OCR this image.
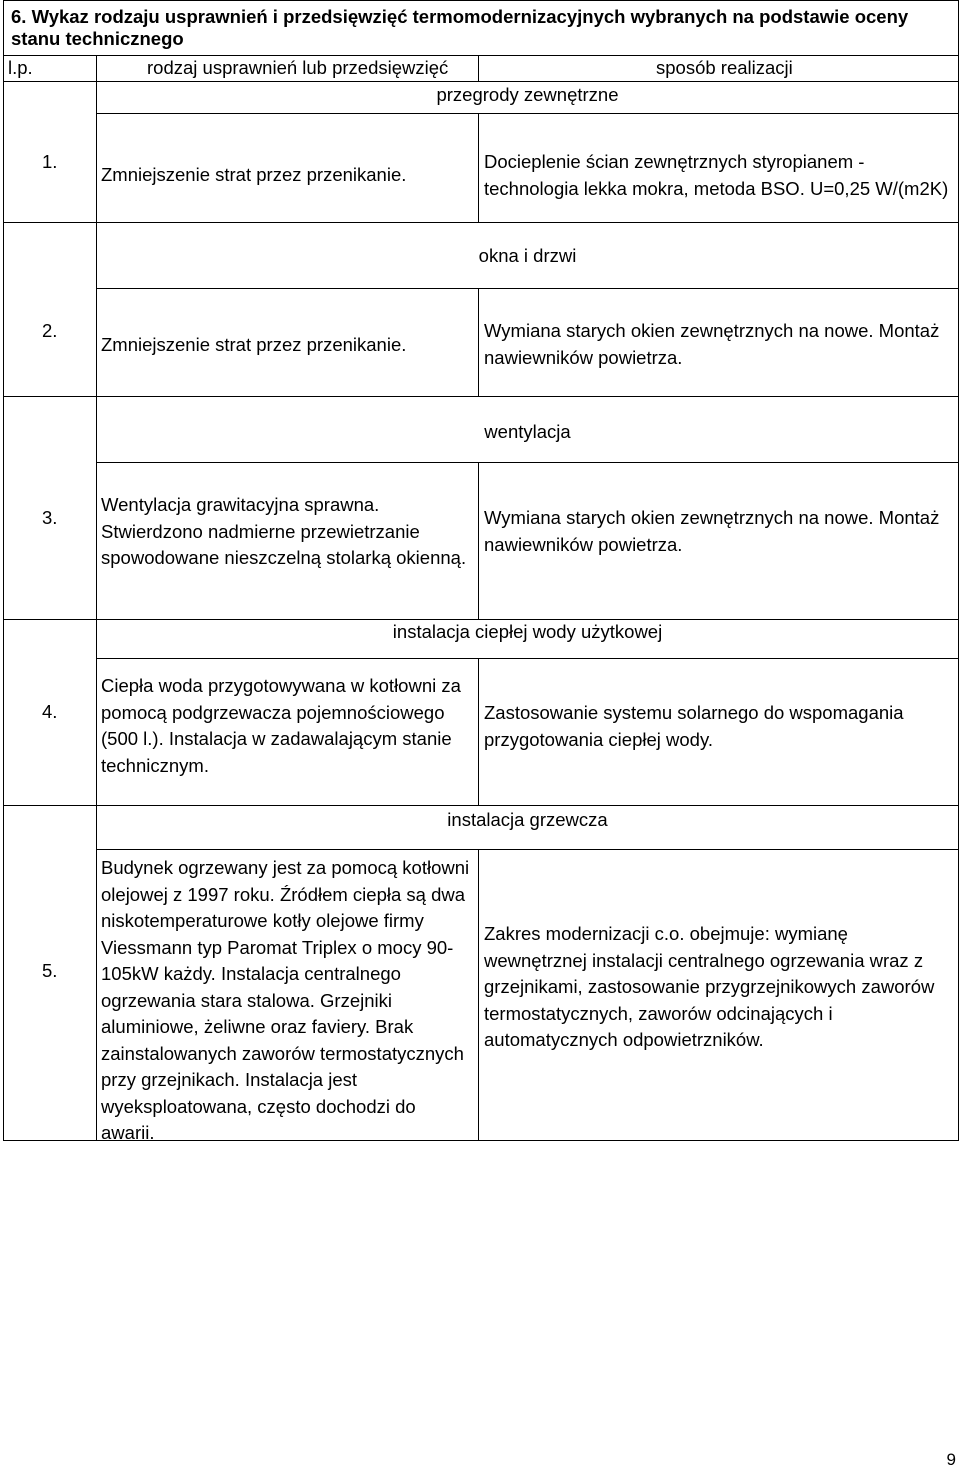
6. Wykaz rodzaju usprawnień i przedsięwzięć termomodernizacyjnych wybranych na podstawie oceny stanu technicznego
l.p.	rodzaj usprawnień lub przedsięwzięć	sposób realizacji
przegrody zewnętrzne
1.
Zmniejszenie strat przez przenikanie.
Docieplenie ścian zewnętrznych styropianem - technologia lekka mokra, metoda BSO. U=0,25 W/(m2K)
okna i drzwi
2.
Zmniejszenie strat przez przenikanie.
Wymiana starych okien zewnętrznych na nowe. Montaż nawiewników powietrza.
wentylacja
3.
Wentylacja grawitacyjna sprawna. Stwierdzono nadmierne przewietrzanie spowodowane nieszczelną stolarką okienną.
Wymiana starych okien zewnętrznych na nowe. Montaż nawiewników powietrza.
instalacja ciepłej wody użytkowej
4.
Ciepła woda przygotowywana w kotłowni za pomocą podgrzewacza pojemnościowego (500 l.). Instalacja w zadawalającym stanie technicznym.
Zastosowanie systemu solarnego do wspomagania przygotowania ciepłej wody.
instalacja grzewcza
5.
Budynek ogrzewany jest za pomocą kotłowni olejowej z 1997 roku. Źródłem ciepła są dwa niskotemperaturowe kotły olejowe firmy Viessmann typ Paromat Triplex o mocy 90-105kW każdy. Instalacja centralnego ogrzewania stara stalowa. Grzejniki aluminiowe, żeliwne oraz faviery. Brak zainstalowanych zaworów termostatycznych przy grzejnikach. Instalacja jest wyeksploatowana, często dochodzi do awarii.
Zakres modernizacji c.o. obejmuje: wymianę wewnętrznej instalacji centralnego ogrzewania wraz z grzejnikami, zastosowanie przygrzejnikowych zaworów termostatycznych, zaworów odcinających i automatycznych odpowietrzników.
9
